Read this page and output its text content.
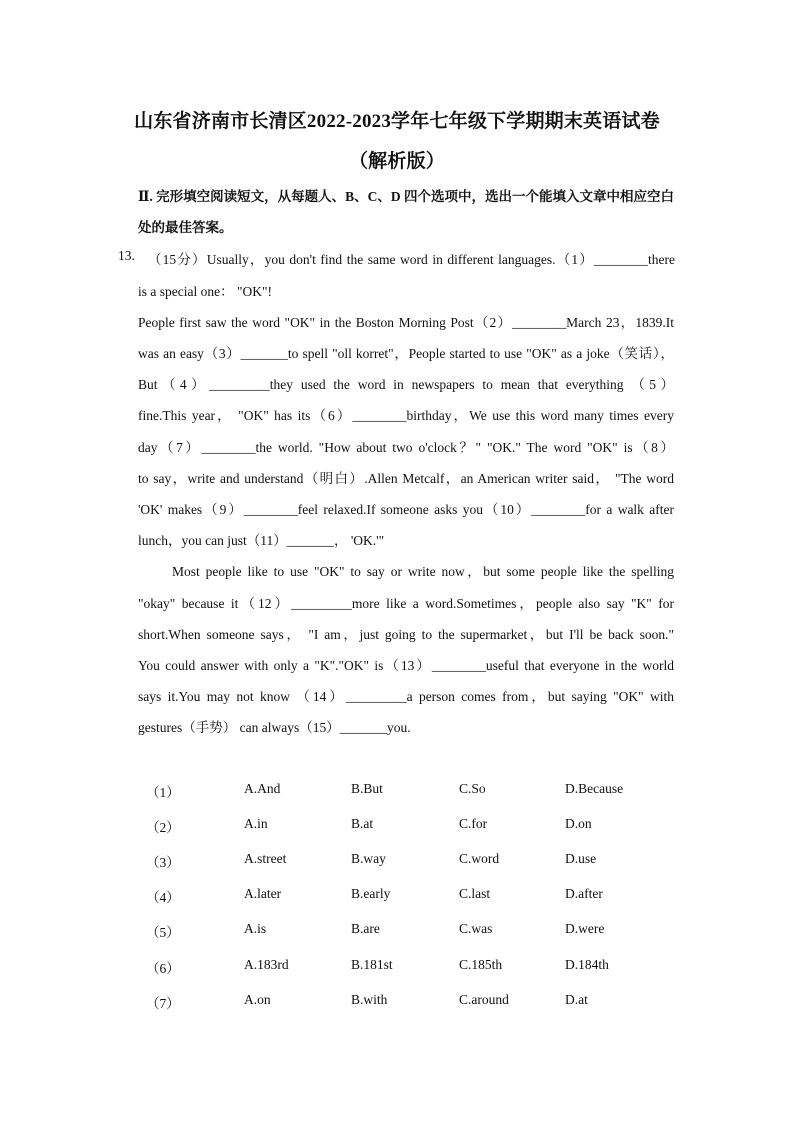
山东省济南市长清区2022-2023学年七年级下学期期末英语试卷
（解析版）
Ⅱ. 完形填空阅读短文，从每题人、B、C、D 四个选项中，选出一个能填入文章中相应空白处的最佳答案。
13. （15分）Usually，you don't find the same word in different languages.（1）________there
is a special one： "OK"!
People first saw the word "OK" in the Boston Morning Post（2）________March 23，1839.It
was an easy（3）_______to spell "oll korret"，People started to use "OK" as a joke（笑话），
But（4）_________they used the word in newspapers to mean that everything （5）
fine.This year， "OK" has its（6）________birthday，We use this word many times every
day（7）________the world. "How about two o'clock？" "OK." The word "OK" is（8）
to say，write and understand（明白）.Allen Metcalf，an American writer said， "The word
'OK' makes（9）________feel relaxed.If someone asks you（10）________for a walk after
lunch，you can just（11）_______， 'OK.'"
Most people like to use "OK" to say or write now，but some people like the spelling
"okay" because it（12）_________more like a word.Sometimes，people also say "K" for
short.When someone says， "I am，just going to the supermarket，but I'll be back soon."
You could answer with only a "K"."OK" is（13）________useful that everyone in the world
says it.You may not know （14）_________a person comes from，but saying "OK" with
gestures（手势） can always（15）_______you.
（1）	A.And	B.But	C.So	D.Because
（2）	A.in	B.at	C.for	D.on
（3）	A.street	B.way	C.word	D.use
（4）	A.later	B.early	C.last	D.after
（5）	A.is	B.are	C.was	D.were
（6）	A.183rd	B.181st	C.185th	D.184th
（7）	A.on	B.with	C.around	D.at
